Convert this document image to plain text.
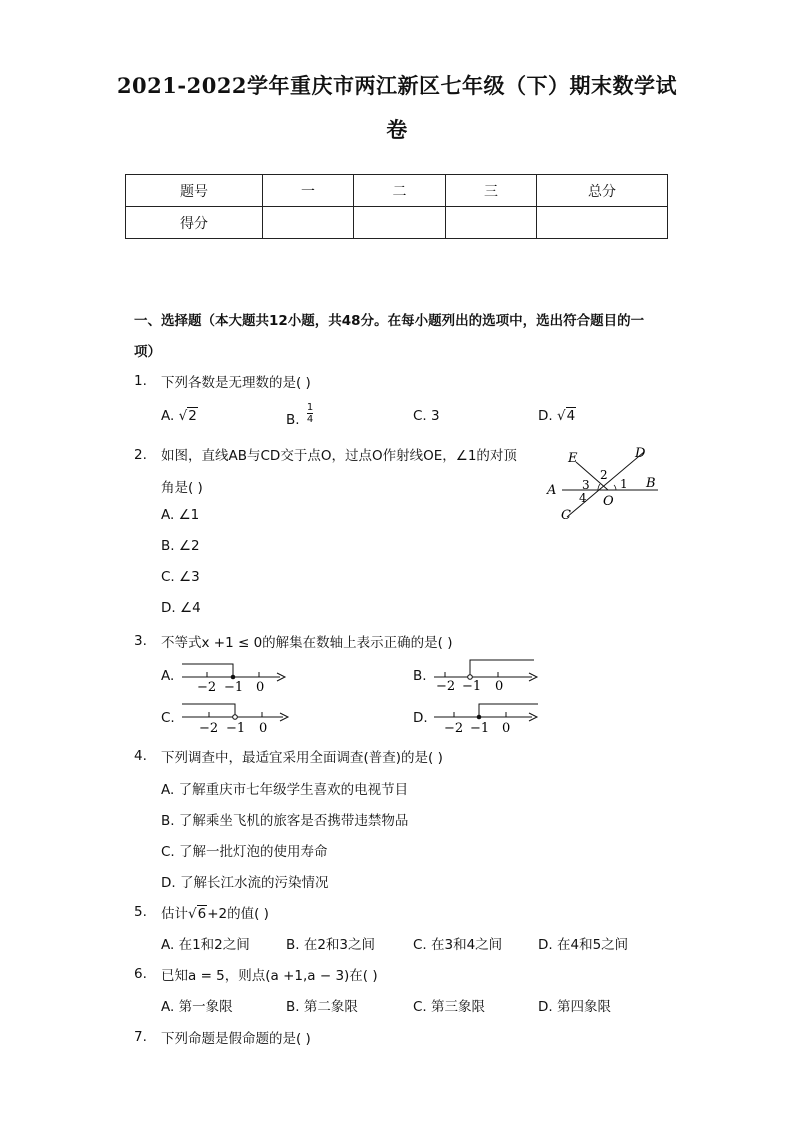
2021-2022学年重庆市两江新区七年级（下）期末数学试
卷
题号	一	二	三	总分
得分				
一、选择题（本大题共12小题，共48分。在每小题列出的选项中，选出符合题目的一
项）
1. 下列各数是无理数的是( )
A. √2	B. $\frac{1}{4}$	C. 3	D. √4
2. 如图，直线AB与CD交于点O，过点O作射线OE，∠1的对顶
角是( )
A. ∠1
B. ∠2
C. ∠3
D. ∠4
E	D
A	B
C
O
1
2
3
4
3. 不等式x +1 ≤ 0的解集在数轴上表示正确的是( )
A.
−2 −1 0
B.
−2 −1 0
C.
−2 −1 0
D.
−2 −1 0
4. 下列调查中，最适宜采用全面调查(普查)的是( )
A. 了解重庆市七年级学生喜欢的电视节目
B. 了解乘坐飞机的旅客是否携带违禁物品
C. 了解一批灯泡的使用寿命
D. 了解长江水流的污染情况
5. 估计√6+2的值( )
A. 在1和2之间	B. 在2和3之间	C. 在3和4之间	D. 在4和5之间
6. 已知a = 5，则点(a +1,a − 3)在( )
A. 第一象限	B. 第二象限	C. 第三象限	D. 第四象限
7. 下列命题是假命题的是( )
